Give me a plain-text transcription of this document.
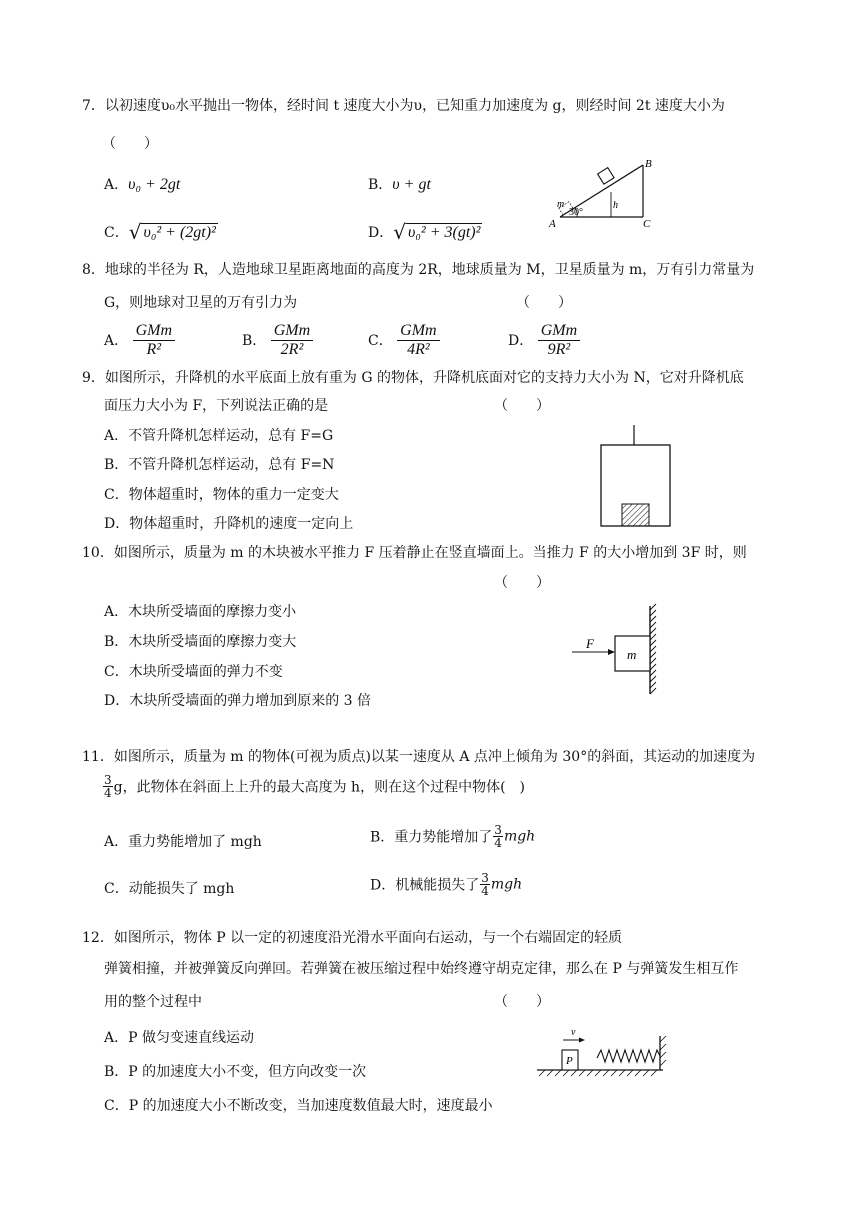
7．以初速度υ₀水平抛出一物体，经时间 t 速度大小为υ，已知重力加速度为 g，则经时间 2t 速度大小为
（　　）
A．υ₀ + 2gt	B．υ + gt
C．√ υ₀² + (2gt)²	D．√ υ₀² + 3(gt)²
B
h
m
30°
A	C
8．地球的半径为 R，人造地球卫星距离地面的高度为 2R，地球质量为 M，卫星质量为 m，万有引力常量为
G，则地球对卫星的万有引力为	（　　）
A． $\frac{\text{GMm}}{\text{R²}}$	B． $\frac{\text{GMm}}{\text{2R²}}$	C． $\frac{\text{GMm}}{\text{4R²}}$	D． $\frac{\text{GMm}}{\text{9R²}}$
9．如图所示，升降机的水平底面上放有重为 G 的物体，升降机底面对它的支持力大小为 N，它对升降机底
面压力大小为 F，下列说法正确的是	（　　）
A．不管升降机怎样运动，总有 F=G
B．不管升降机怎样运动，总有 F=N
C．物体超重时，物体的重力一定变大
D．物体超重时，升降机的速度一定向上
10．如图所示，质量为 m 的木块被水平推力 F 压着静止在竖直墙面上。当推力 F 的大小增加到 3F 时，则
（　　）
A．木块所受墙面的摩擦力变小
B．木块所受墙面的摩擦力变大
C．木块所受墙面的弹力不变
D．木块所受墙面的弹力增加到原来的 3 倍
F
m
11．如图所示，质量为 m 的物体(可视为质点)以某一速度从 A 点冲上倾角为 30°的斜面，其运动的加速度为
$\frac{3}{4}$ g，此物体在斜面上上升的最大高度为 h，则在这个过程中物体(　)
A．重力势能增加了 mgh	B．重力势能增加了 $\frac{3}{4}$ mgh
C．动能损失了 mgh	D．机械能损失了 $\frac{3}{4}$ mgh
12．如图所示，物体 P 以一定的初速度沿光滑水平面向右运动，与一个右端固定的轻质
弹簧相撞，并被弹簧反向弹回。若弹簧在被压缩过程中始终遵守胡克定律，那么在 P 与弹簧发生相互作
用的整个过程中	（　　）
A．P 做匀变速直线运动
B．P 的加速度大小不变，但方向改变一次
C．P 的加速度大小不断改变，当加速度数值最大时，速度最小
P
v
